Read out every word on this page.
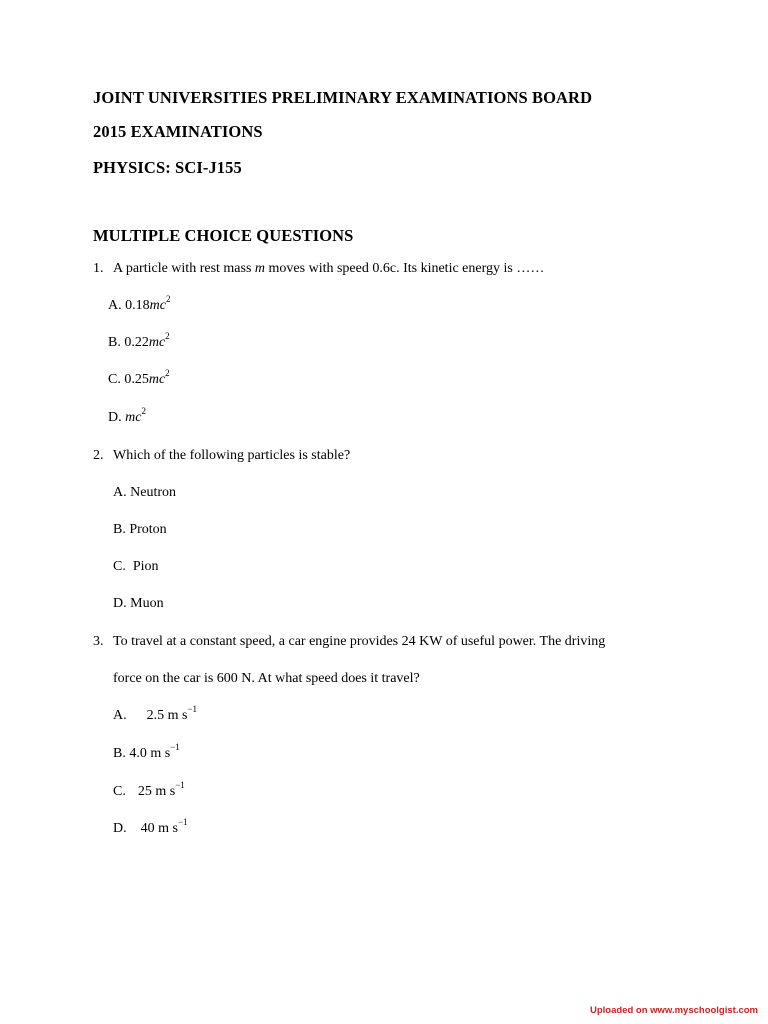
JOINT UNIVERSITIES PRELIMINARY EXAMINATIONS BOARD
2015 EXAMINATIONS
PHYSICS: SCI-J155
MULTIPLE CHOICE QUESTIONS
1. A particle with rest mass m moves with speed 0.6c. Its kinetic energy is ……
A. $0.18mc^2$
B. $0.22mc^2$
C. $0.25mc^2$
D. $mc^2$
2. Which of the following particles is stable?
A. Neutron
B. Proton
C. Pion
D. Muon
3. To travel at a constant speed, a car engine provides 24 KW of useful power. The driving
force on the car is 600 N. At what speed does it travel?
A. 2.5 m $s^{-1}$
B. 4.0 m $s^{-1}$
C. 25 m $s^{-1}$
D. 40 m $s^{-1}$
Uploaded on www.myschoolgist.com
